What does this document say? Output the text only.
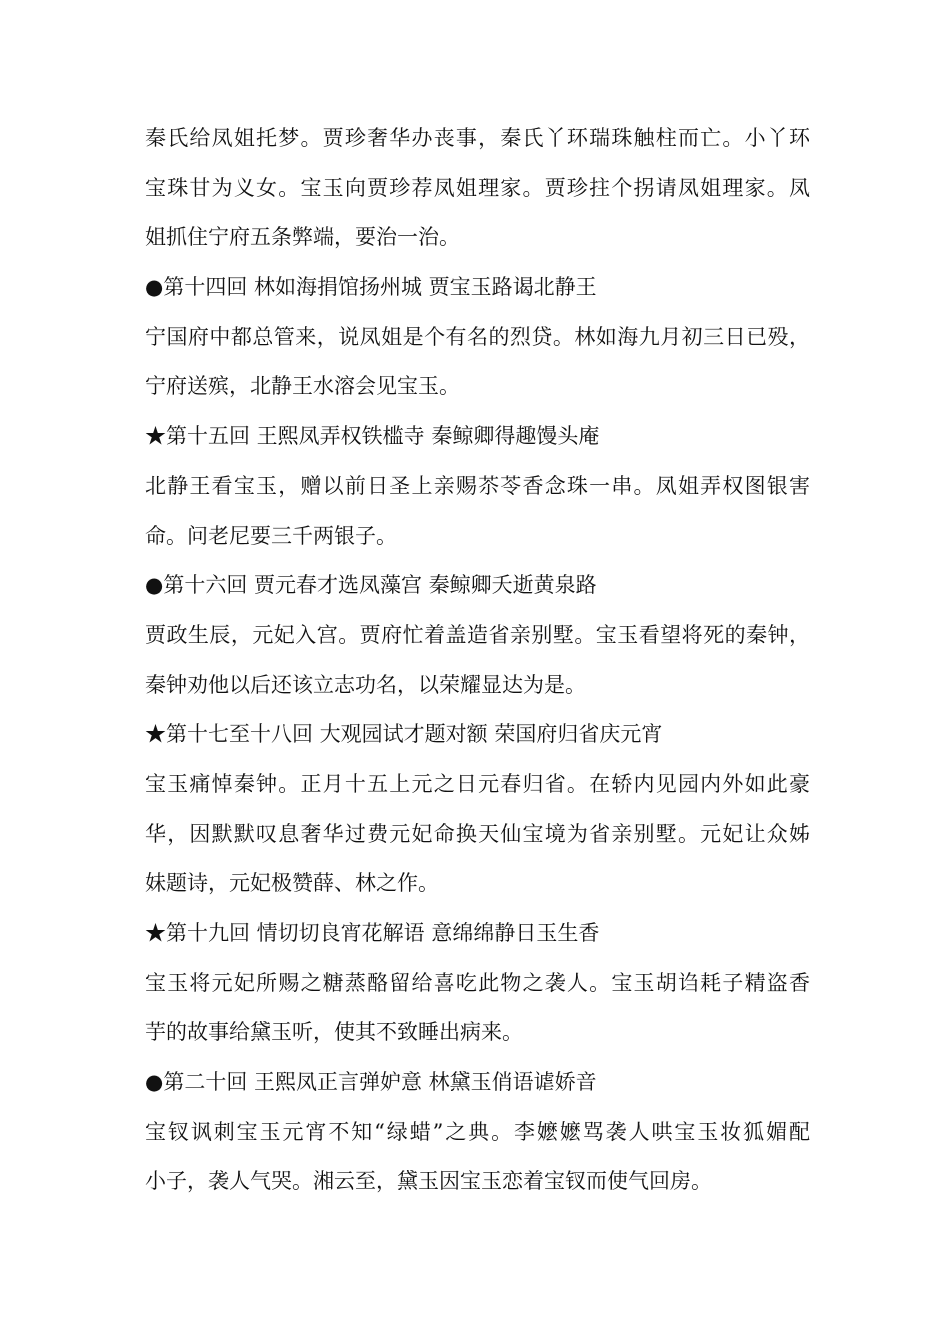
秦氏给凤姐托梦。贾珍奢华办丧事，秦氏丫环瑞珠触柱而亡。小丫环
宝珠甘为义女。宝玉向贾珍荐凤姐理家。贾珍拄个拐请凤姐理家。凤
姐抓住宁府五条弊端，要治一治。
●第十四回 林如海捐馆扬州城 贾宝玉路谒北静王
宁国府中都总管来，说凤姐是个有名的烈贷。林如海九月初三日已殁，
宁府送殡，北静王水溶会见宝玉。
★第十五回 王熙凤弄权铁槛寺 秦鲸卿得趣馒头庵
北静王看宝玉，赠以前日圣上亲赐苶苓香念珠一串。凤姐弄权图银害
命。问老尼要三千两银子。
●第十六回 贾元春才选凤藻宫 秦鲸卿夭逝黄泉路
贾政生辰，元妃入宫。贾府忙着盖造省亲别墅。宝玉看望将死的秦钟，
秦钟劝他以后还该立志功名，以荣耀显达为是。
★第十七至十八回 大观园试才题对额 荣国府归省庆元宵
宝玉痛悼秦钟。正月十五上元之日元春归省。在轿内见园内外如此豪
华，因默默叹息奢华过费元妃命换天仙宝境为省亲别墅。元妃让众姊
妹题诗，元妃极赞薛、林之作。
★第十九回 情切切良宵花解语 意绵绵静日玉生香
宝玉将元妃所赐之糖蒸酪留给喜吃此物之袭人。宝玉胡诌耗子精盗香
芋的故事给黛玉听，使其不致睡出病来。
●第二十回 王熙凤正言弹妒意 林黛玉俏语谑娇音
宝钗讽刺宝玉元宵不知“绿蜡”之典。李嬷嬷骂袭人哄宝玉妆狐媚配
小子，袭人气哭。湘云至，黛玉因宝玉恋着宝钗而使气回房。
